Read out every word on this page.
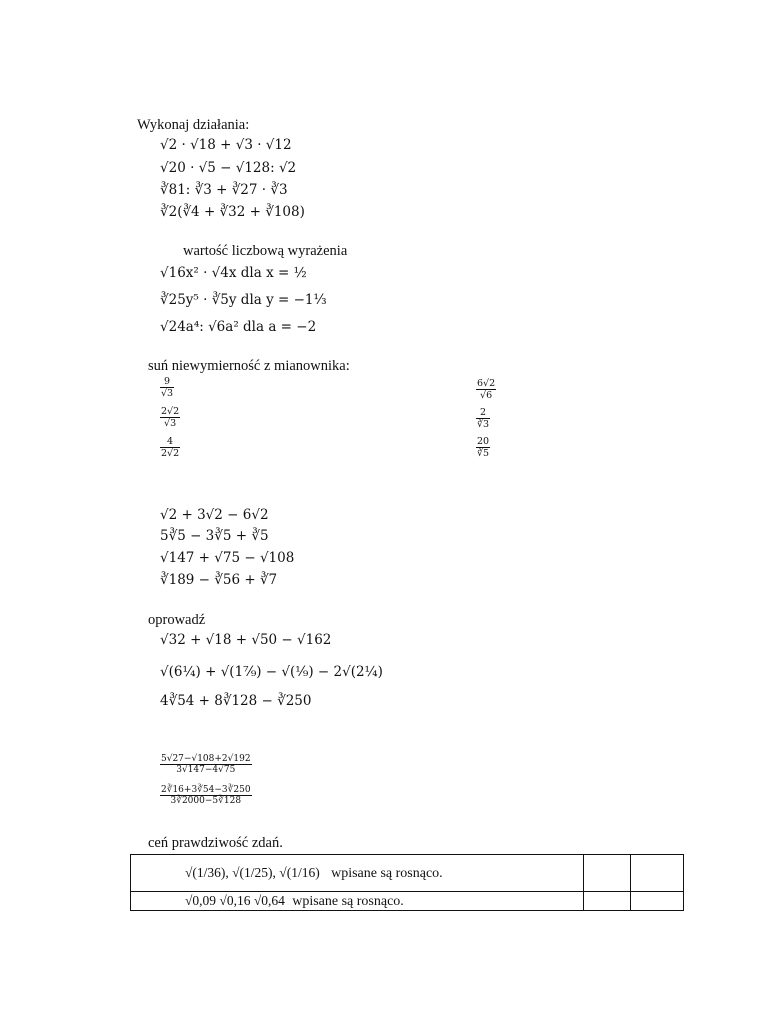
Wykonaj działania:
√2 · √18 + √3 · √12
√20 · √5 − √128: √2
∛81: ∛3 + ∛27 · ∛3
∛2(∛4 + ∛32 + ∛108)
wartość liczbową wyrażenia
√16x² · √4x dla x = ½
∛25y⁵ · ∛5y dla y = −1⅓
√24a⁴: √6a² dla a = −2
suń niewymierność z mianownika:
$\frac{9}{√3}$
$\frac{2√2}{√3}$
$\frac{4}{2√2}$
$\frac{6√2}{√6}$
$\frac{2}{∛3}$
$\frac{20}{∛5}$
√2 + 3√2 − 6√2
5∛5 − 3∛5 + ∛5
√147 + √75 − √108
∛189 − ∛56 + ∛7
oprowadź
√32 + √18 + √50 − √162
√(6¼) + √(1⁷⁄₉) − √(¹⁄₉) − 2√(2¼)
4∛54 + 8∛128 − ∛250
$\frac{5√27-√108+2√192}{3√147-4√75}$
$\frac{2∛16+3∛54-3∛250}{3∛2000-5∛128}$
ceń prawdziwość zdań.
√(1/36), √(1/25), √(1/16) wpisane są rosnąco.		
√0,09 √0,16 √0,64 wpisane są rosnąco.		
